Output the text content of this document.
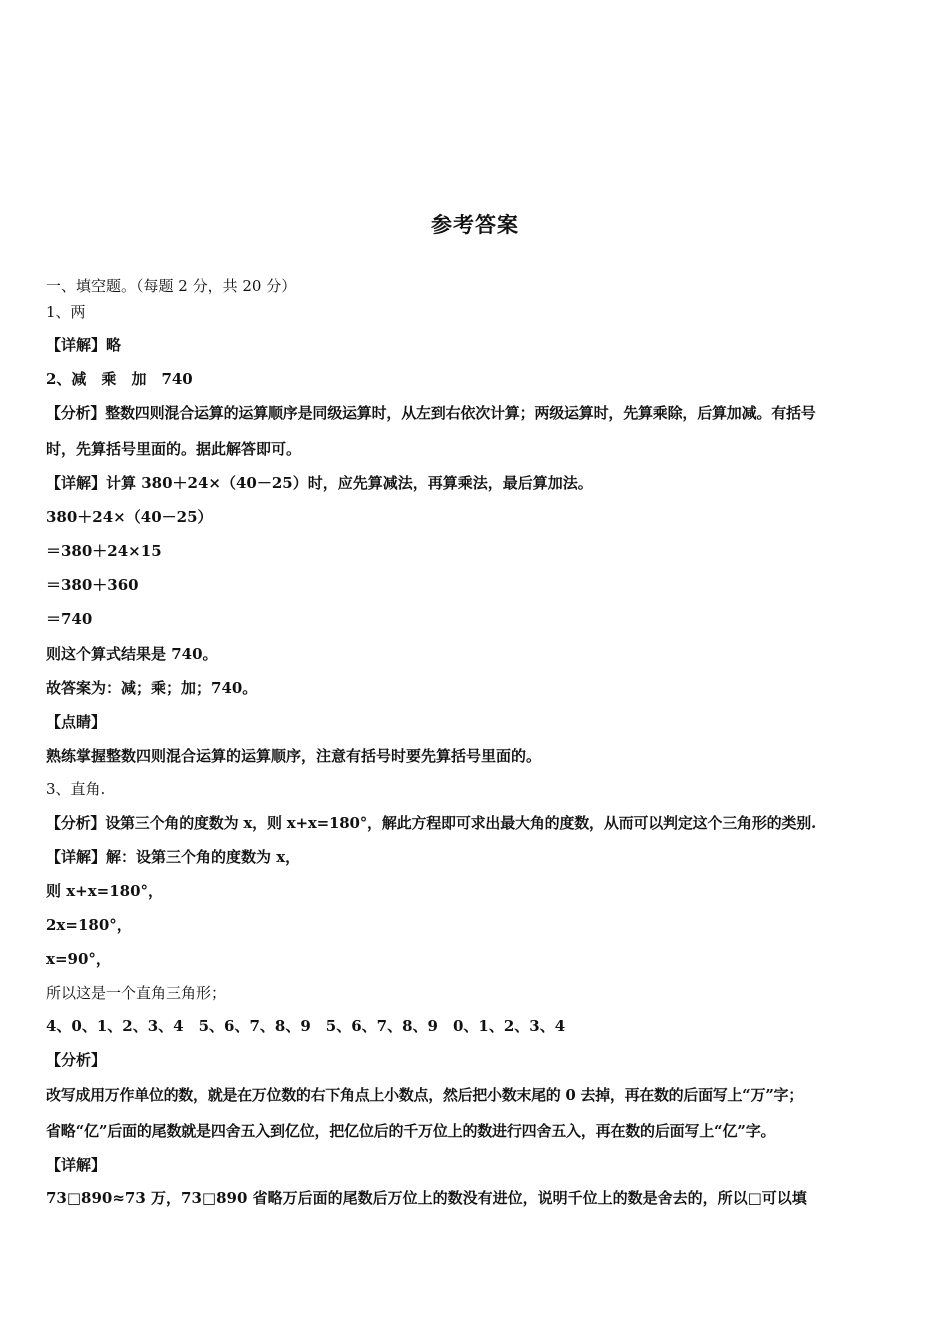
参考答案
一、填空题。（每题 2 分，共 20 分）
1、两
【详解】略
2、减　乘　加　740
【分析】整数四则混合运算的运算顺序是同级运算时，从左到右依次计算；两级运算时，先算乘除，后算加减。有括号
时，先算括号里面的。据此解答即可。
【详解】计算 380＋24×（40－25）时，应先算减法，再算乘法，最后算加法。
380＋24×（40－25）
＝380＋24×15
＝380＋360
＝740
则这个算式结果是 740。
故答案为：减；乘；加；740。
【点睛】
熟练掌握整数四则混合运算的运算顺序，注意有括号时要先算括号里面的。
3、直角.
【分析】设第三个角的度数为 x，则 x+x=180°，解此方程即可求出最大角的度数，从而可以判定这个三角形的类别.
【详解】解：设第三个角的度数为 x，
则 x+x=180°，
2x=180°，
x=90°，
所以这是一个直角三角形；
4、0、1、2、3、4　5、6、7、8、9　5、6、7、8、9　0、1、2、3、4
【分析】
改写成用万作单位的数，就是在万位数的右下角点上小数点，然后把小数末尾的 0 去掉，再在数的后面写上“万”字；
省略“亿”后面的尾数就是四舍五入到亿位，把亿位后的千万位上的数进行四舍五入，再在数的后面写上“亿”字。
【详解】
73□890≈73 万，73□890 省略万后面的尾数后万位上的数没有进位，说明千位上的数是舍去的，所以□可以填
